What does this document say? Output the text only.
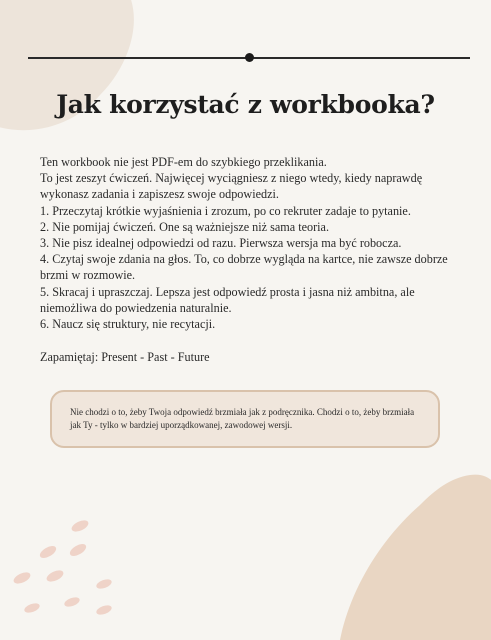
Jak korzystać z workbooka?

Ten workbook nie jest PDF-em do szybkiego przeklikania.

To jest zeszyt ćwiczeń. Najwięcej wyciągniesz z niego wtedy, kiedy naprawdę wykonasz zadania i zapiszesz swoje odpowiedzi.

1. Przeczytaj krótkie wyjaśnienia i zrozum, po co rekruter zadaje to pytanie.

2. Nie pomijaj ćwiczeń. One są ważniejsze niż sama teoria.

3. Nie pisz idealnej odpowiedzi od razu. Pierwsza wersja ma być robocza.

4. Czytaj swoje zdania na głos. To, co dobrze wygląda na kartce, nie zawsze dobrze brzmi w rozmowie.

5. Skracaj i upraszczaj. Lepsza jest odpowiedź prosta i jasna niż ambitna, ale niemożliwa do powiedzenia naturalnie.

6. Naucz się struktury, nie recytacji.

Zapamiętaj: Present - Past - Future

Nie chodzi o to, żeby Twoja odpowiedź brzmiała jak z podręcznika. Chodzi o to, żeby brzmiała jak Ty - tylko w bardziej uporządkowanej, zawodowej wersji.
